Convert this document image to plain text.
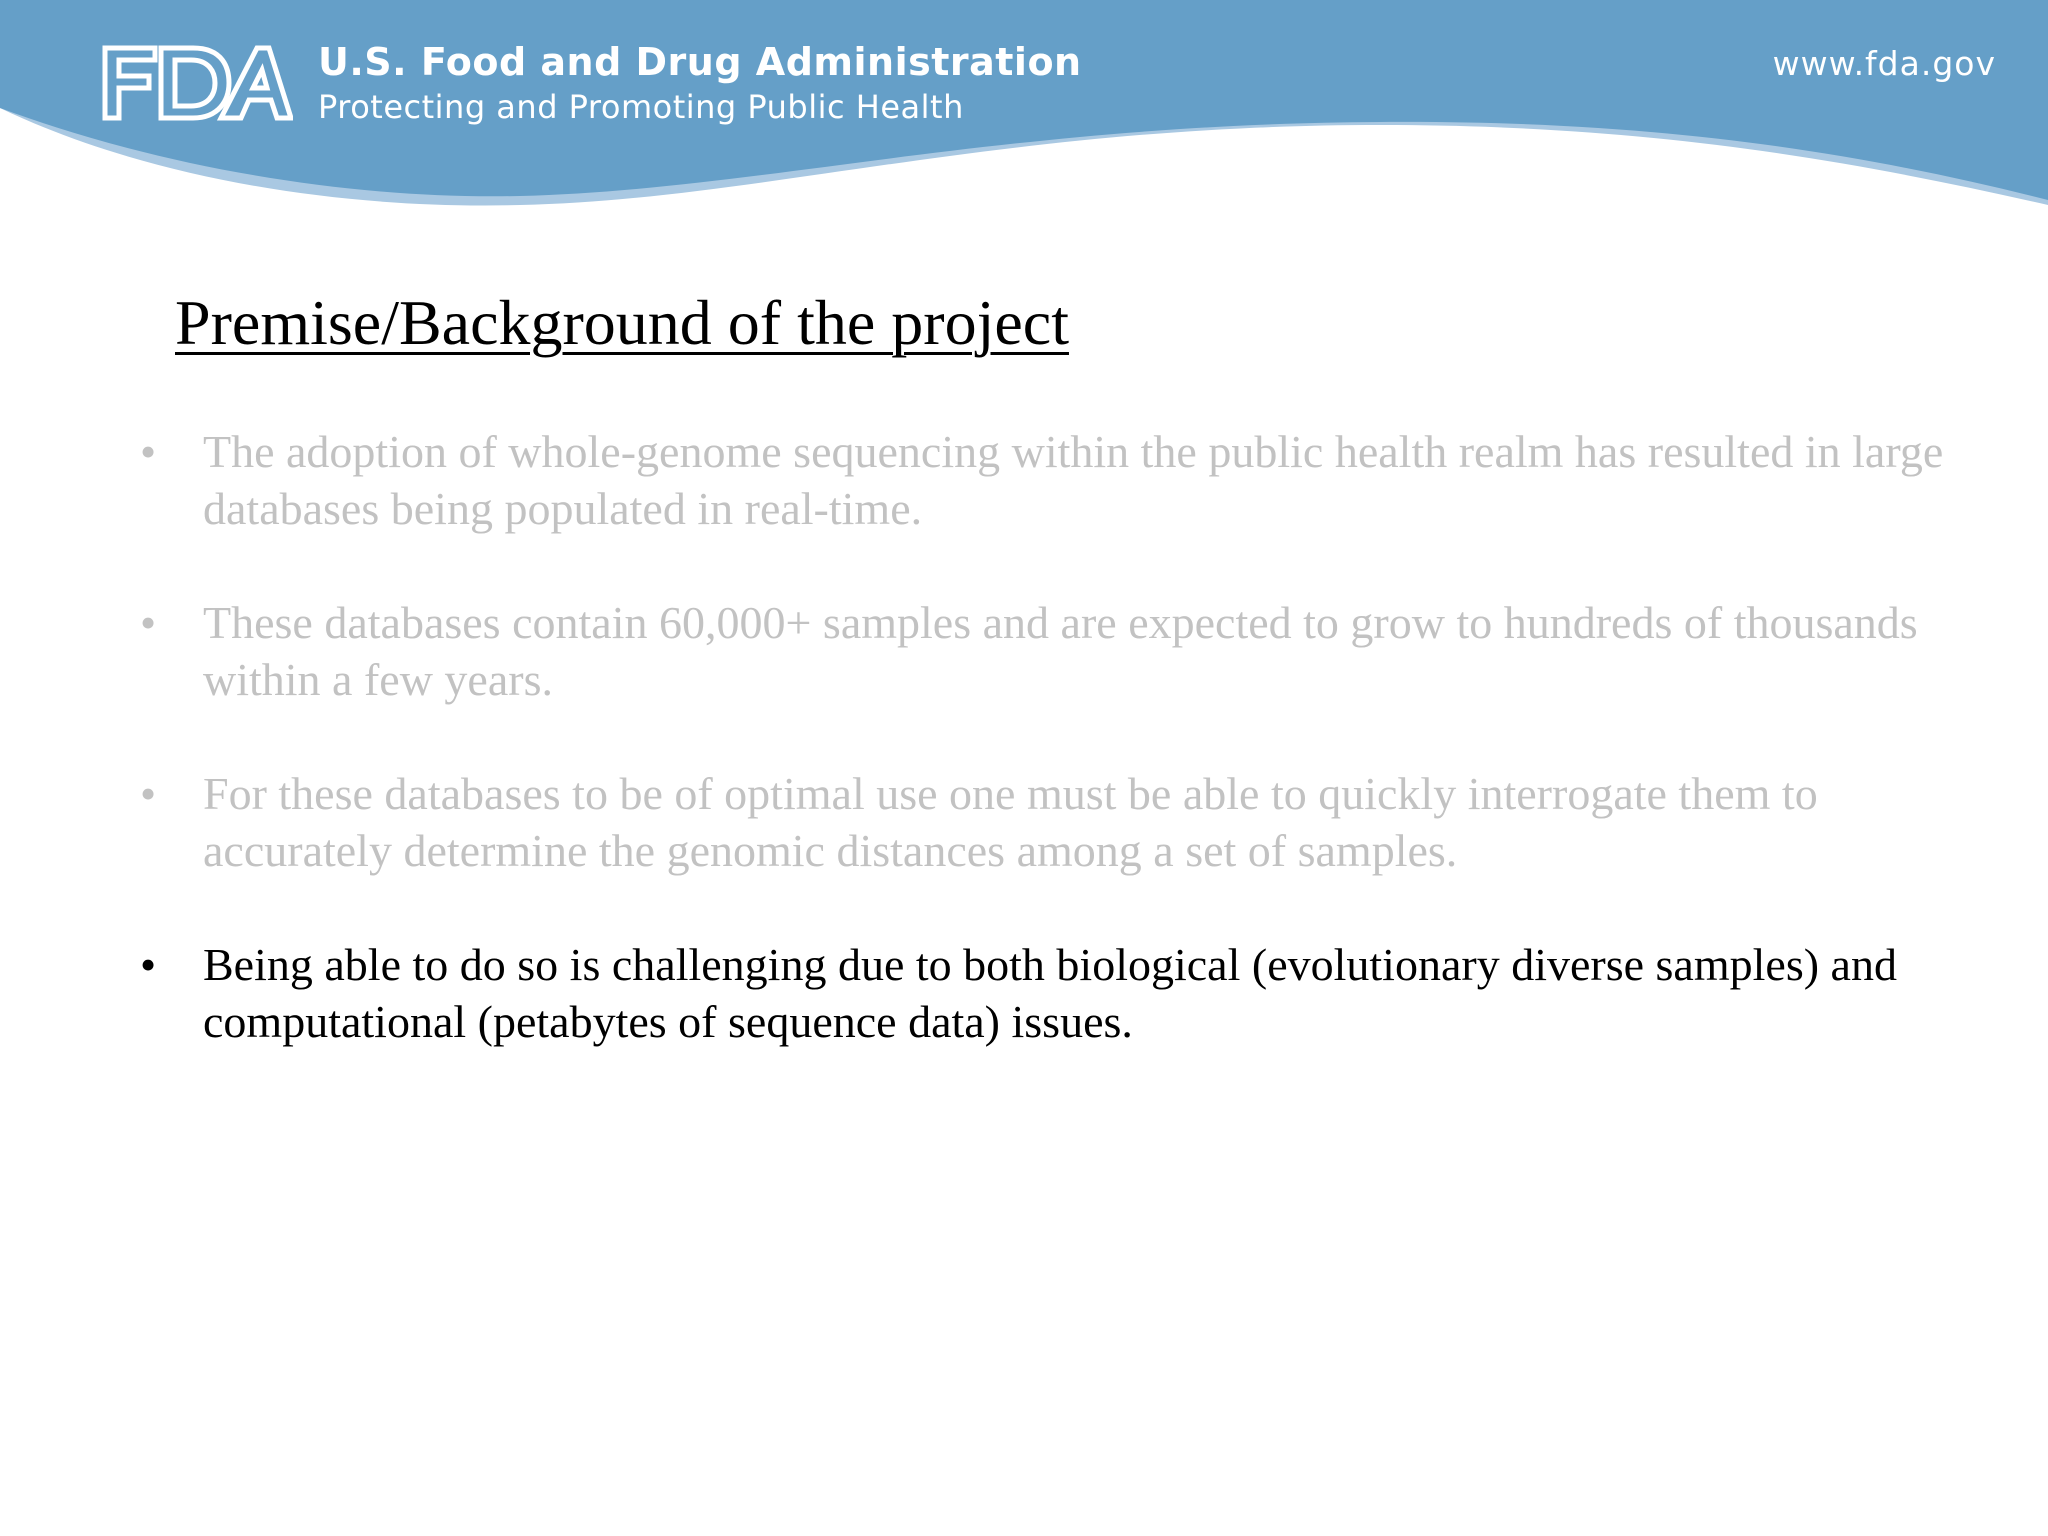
U.S. Food and Drug Administration
Protecting and Promoting Public Health
www.fda.gov
Premise/Background of the project
•	The adoption of whole-genome sequencing within the public health realm has resulted in large databases being populated in real-time.
•	These databases contain 60,000+ samples and are expected to grow to hundreds of thousands within a few years.
•	For these databases to be of optimal use one must be able to quickly interrogate them to accurately determine the genomic distances among a set of samples.
•	Being able to do so is challenging due to both biological (evolutionary diverse samples) and computational (petabytes of sequence data) issues.
